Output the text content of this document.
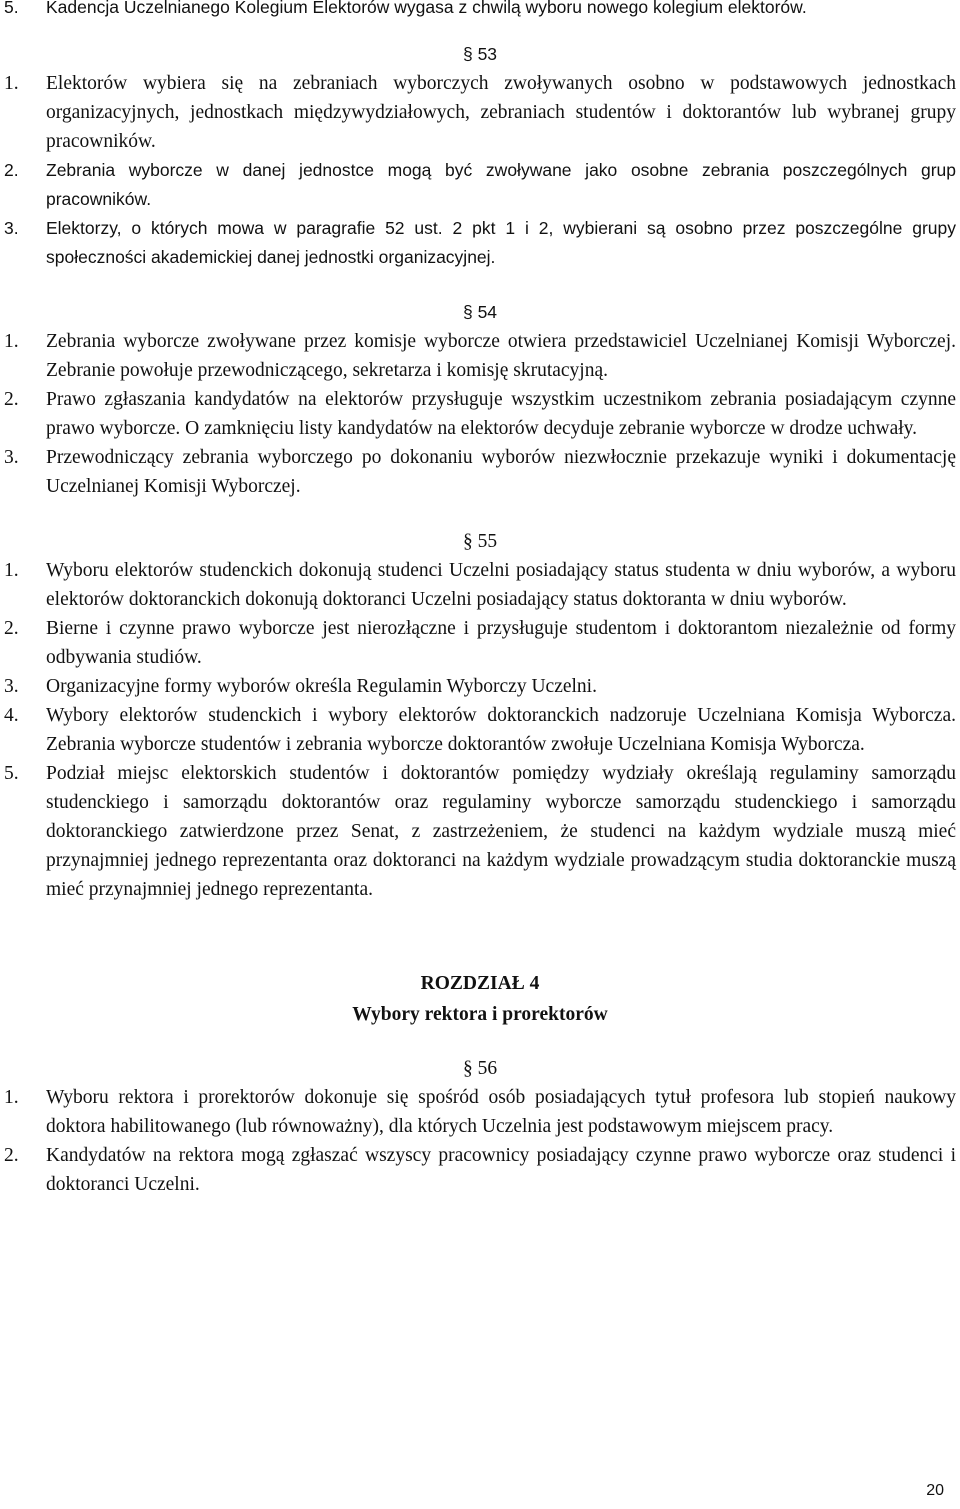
5.	Kadencja Uczelnianego Kolegium Elektorów wygasa z chwilą wyboru nowego kolegium elektorów.
§ 53
1.	Elektorów wybiera się na zebraniach wyborczych zwoływanych osobno w podstawowych jednostkach organizacyjnych, jednostkach międzywydziałowych, zebraniach studentów i doktorantów lub wybranej grupy pracowników.
2.	Zebrania wyborcze w danej jednostce mogą być zwoływane jako osobne zebrania poszczególnych grup pracowników.
3.	Elektorzy, o których mowa w paragrafie 52 ust. 2 pkt 1 i 2, wybierani są osobno przez poszczególne grupy społeczności akademickiej danej jednostki organizacyjnej.
§ 54
1.	Zebrania wyborcze zwoływane przez komisje wyborcze otwiera przedstawiciel Uczelnianej Komisji Wyborczej. Zebranie powołuje przewodniczącego, sekretarza i komisję skrutacyjną.
2.	Prawo zgłaszania kandydatów na elektorów przysługuje wszystkim uczestnikom zebrania posiadającym czynne prawo wyborcze. O zamknięciu listy kandydatów na elektorów decyduje zebranie wyborcze w drodze uchwały.
3.	Przewodniczący zebrania wyborczego po dokonaniu wyborów niezwłocznie przekazuje wyniki i dokumentację Uczelnianej Komisji Wyborczej.
§ 55
1.	Wyboru elektorów studenckich dokonują studenci Uczelni posiadający status studenta w dniu wyborów, a wyboru elektorów doktoranckich dokonują doktoranci Uczelni posiadający status doktoranta w dniu wyborów.
2.	Bierne i czynne prawo wyborcze jest nierozłączne i przysługuje studentom i doktorantom niezależnie od formy odbywania studiów.
3.	Organizacyjne formy wyborów określa Regulamin Wyborczy Uczelni.
4.	Wybory elektorów studenckich i wybory elektorów doktoranckich nadzoruje Uczelniana Komisja Wyborcza. Zebrania wyborcze studentów i zebrania wyborcze doktorantów zwołuje Uczelniana Komisja Wyborcza.
5.	Podział miejsc elektorskich studentów i doktorantów pomiędzy wydziały określają regulaminy samorządu studenckiego i samorządu doktorantów oraz regulaminy wyborcze samorządu studenckiego i samorządu doktoranckiego zatwierdzone przez Senat, z zastrzeżeniem, że studenci na każdym wydziale muszą mieć przynajmniej jednego reprezentanta oraz doktoranci na każdym wydziale prowadzącym studia doktoranckie muszą mieć przynajmniej jednego reprezentanta.
ROZDZIAŁ 4
Wybory rektora i prorektorów
§ 56
1.	Wyboru rektora i prorektorów dokonuje się spośród osób posiadających tytuł profesora lub stopień naukowy doktora habilitowanego (lub równoważny), dla których Uczelnia jest podstawowym miejscem pracy.
2.	Kandydatów na rektora mogą zgłaszać wszyscy pracownicy posiadający czynne prawo wyborcze oraz studenci i doktoranci Uczelni.
20
